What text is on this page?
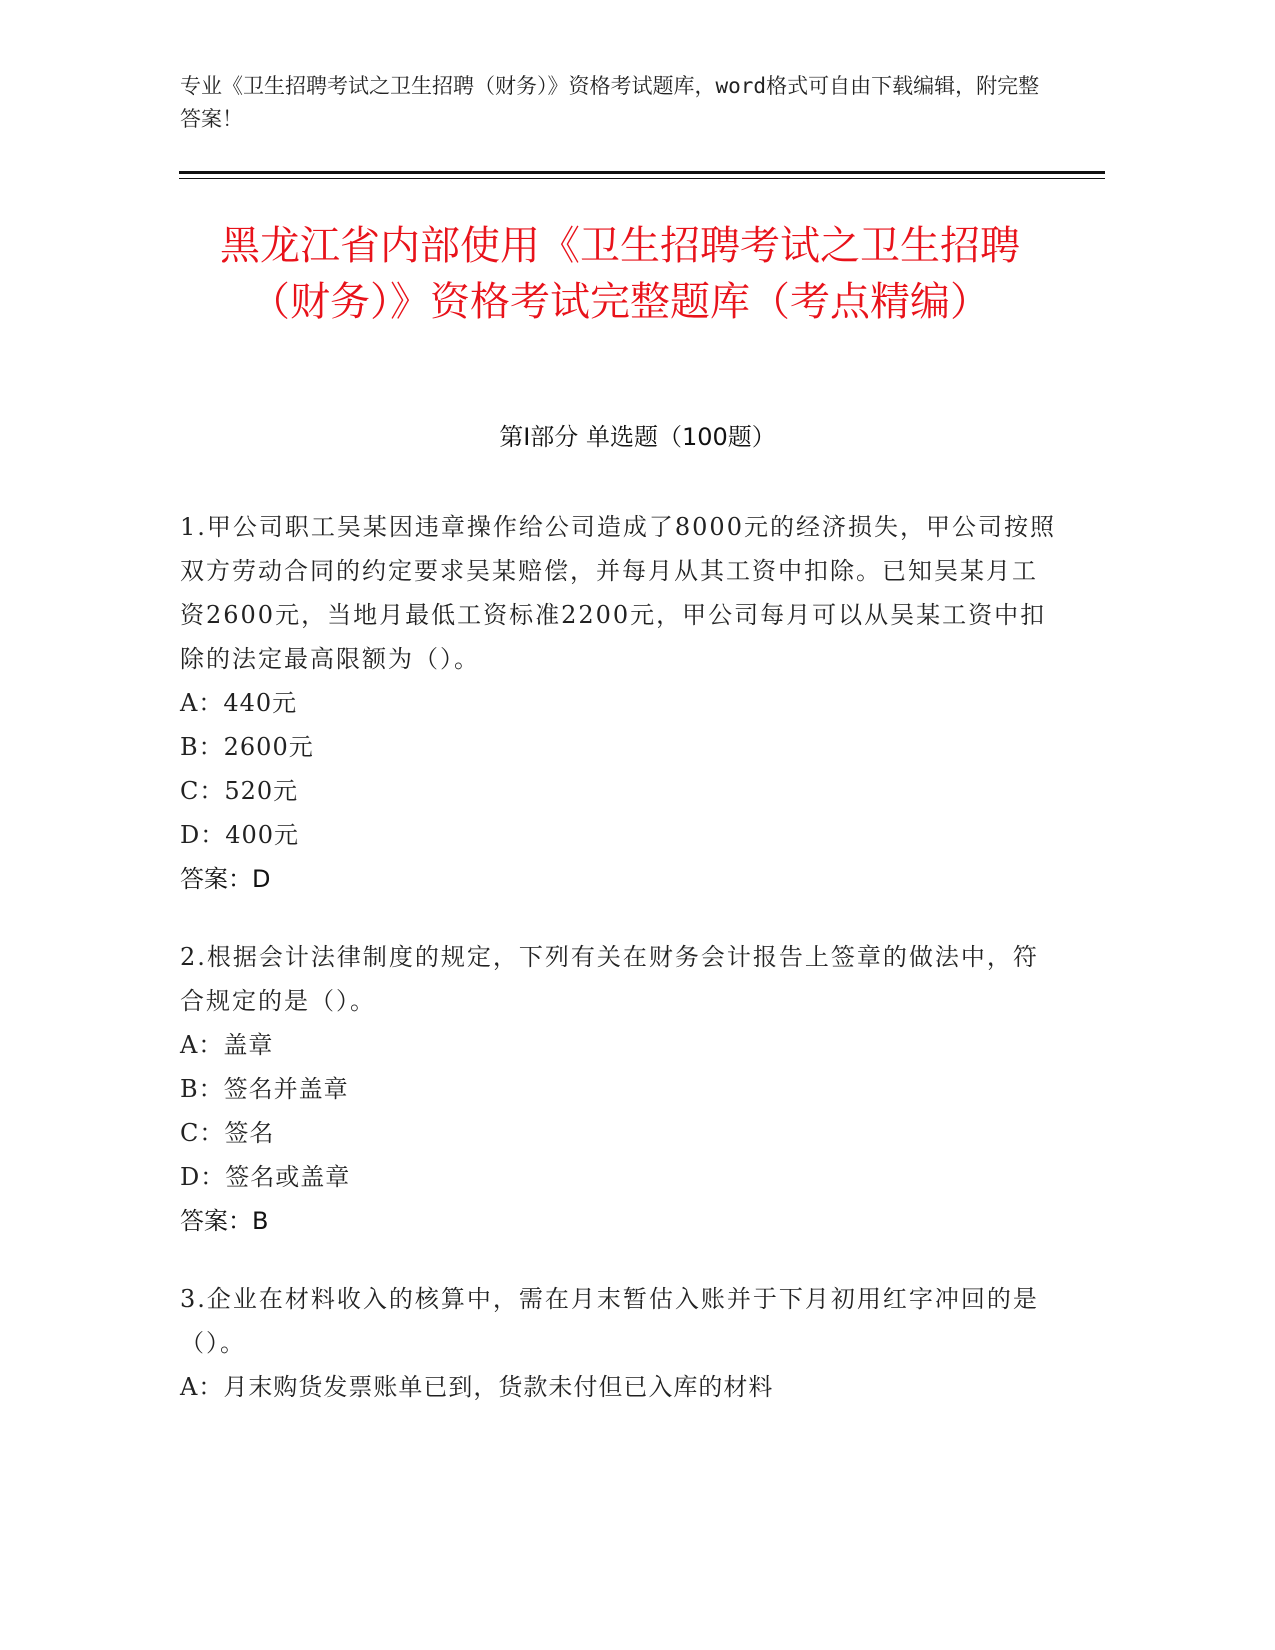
专业《卫生招聘考试之卫生招聘（财务）》资格考试题库，word格式可自由下载编辑，附完整答案！
黑龙江省内部使用《卫生招聘考试之卫生招聘（财务）》资格考试完整题库（考点精编）
第Ⅰ部分 单选题（100题）
1.甲公司职工吴某因违章操作给公司造成了8000元的经济损失，甲公司按照双方劳动合同的约定要求吴某赔偿，并每月从其工资中扣除。已知吴某月工资2600元，当地月最低工资标准2200元，甲公司每月可以从吴某工资中扣除的法定最高限额为（）。
A：440元
B：2600元
C：520元
D：400元
答案：D
2.根据会计法律制度的规定，下列有关在财务会计报告上签章的做法中，符合规定的是（）。
A：盖章
B：签名并盖章
C：签名
D：签名或盖章
答案：B
3.企业在材料收入的核算中，需在月末暂估入账并于下月初用红字冲回的是（）。
A：月末购货发票账单已到，货款未付但已入库的材料
